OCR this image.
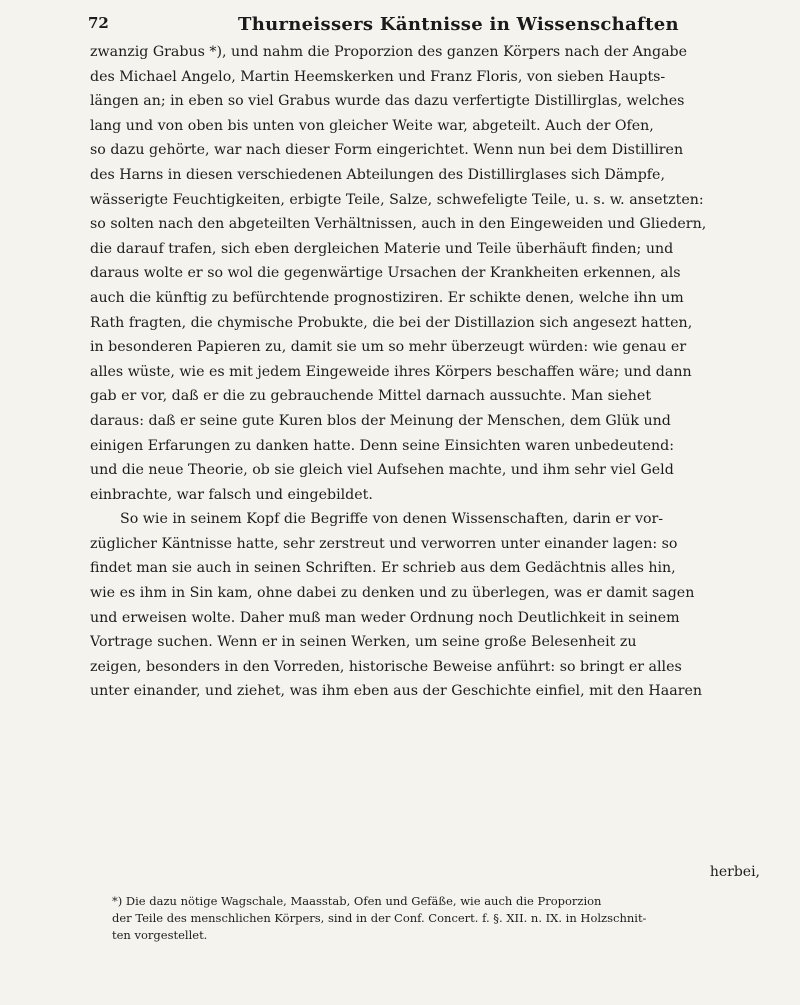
72	Thurneissers Käntnisse in Wissenschaften
zwanzig Grabus *), und nahm die Proporzion des ganzen Körpers nach der Angabe
des Michael Angelo, Martin Heemskerken und Franz Floris, von sieben Haupts-
längen an; in eben so viel Grabus wurde das dazu verfertigte Distillirglas, welches
lang und von oben bis unten von gleicher Weite war, abgeteilt. Auch der Ofen,
so dazu gehörte, war nach dieser Form eingerichtet. Wenn nun bei dem Distilliren
des Harns in diesen verschiedenen Abteilungen des Distillirglases sich Dämpfe,
wässerigte Feuchtigkeiten, erbigte Teile, Salze, schwefeligte Teile, u. s. w. ansetzten:
so solten nach den abgeteilten Verhältnissen, auch in den Eingeweiden und Gliedern,
die darauf trafen, sich eben dergleichen Materie und Teile überhäuft finden; und
daraus wolte er so wol die gegenwärtige Ursachen der Krankheiten erkennen, als
auch die künftig zu befürchtende prognostiziren. Er schikte denen, welche ihn um
Rath fragten, die chymische Probukte, die bei der Distillazion sich angesezt hatten,
in besonderen Papieren zu, damit sie um so mehr überzeugt würden: wie genau er
alles wüste, wie es mit jedem Eingeweide ihres Körpers beschaffen wäre; und dann
gab er vor, daß er die zu gebrauchende Mittel darnach aussuchte. Man siehet
daraus: daß er seine gute Kuren blos der Meinung der Menschen, dem Glük und
einigen Erfarungen zu danken hatte. Denn seine Einsichten waren unbedeutend:
und die neue Theorie, ob sie gleich viel Aufsehen machte, und ihm sehr viel Geld
einbrachte, war falsch und eingebildet.
So wie in seinem Kopf die Begriffe von denen Wissenschaften, darin er vor-
züglicher Käntnisse hatte, sehr zerstreut und verworren unter einander lagen: so
findet man sie auch in seinen Schriften. Er schrieb aus dem Gedächtnis alles hin,
wie es ihm in Sin kam, ohne dabei zu denken und zu überlegen, was er damit sagen
und erweisen wolte. Daher muß man weder Ordnung noch Deutlichkeit in seinem
Vortrage suchen. Wenn er in seinen Werken, um seine große Belesenheit zu
zeigen, besonders in den Vorreden, historische Beweise anführt: so bringt er alles
unter einander, und ziehet, was ihm eben aus der Geschichte einfiel, mit den Haaren
herbei,
*) Die dazu nötige Wagschale, Maasstab, Ofen und Gefäße, wie auch die Proporzion
der Teile des menschlichen Körpers, sind in der Conf. Concert. f. §. XII. n. IX. in Holzschnit-
ten vorgestellet.
